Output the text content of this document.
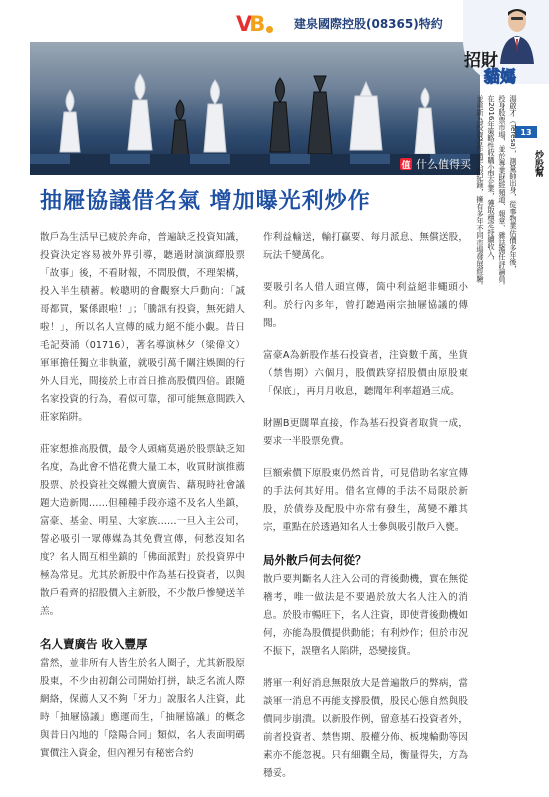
V
B 建泉國際控股(08365)特約
值 什么值得买
抽屜協議借名氣 增加曝光利炒作

散戶為生活早已疲於奔命，普遍缺乏投資知識，投資決定容易被外界引導，聽過財演演繹股票「故事」後，不看財報，不問股價，不理架構，投入半生積蓄。較聰明的會觀察大戶動向：「誠哥都買，緊係跟啦！」；「騰訊有投資，無死錯人啦！」，所以名人宣傳的威力絕不能小覷。昔日毛記葵涌（01716），著名導演林夕（梁偉文）軍軍擔任獨立非執董，就吸引萬千關注娛圈的行外人目光，間接於上市首日推高股價四倍。跟隨名家投資的行為，看似可靠，卻可能無意間跌入莊家陷阱。

莊家想推高股價，最令人頭痛莫過於股票缺乏知名度，為此會不惜花費大量工本，收買財演推薦股票、於投資社交媒體大賣廣告、藉現時社會議題大造新聞……但種種手段亦遠不及名人坐鎮，富豪、基金、明星、大家族……一旦入主公司，誓必吸引一眾傳媒為其免費宣傳，何愁沒知名度？名人間互相坐鎮的「佛面派對」於投資界中極為常見。尤其於新股中作為基石投資者，以與散戶看齊的招股價入主新股，不少散戶慘變送羊羔。

名人賣廣告 收入豐厚

當然，並非所有人皆生於名人圈子，尤其新股原股東，不少由初創公司開始打拼，缺乏名流人際網絡，保薦人又不夠「牙力」說服名人注資，此時「抽屜協議」應運而生，「抽屜協議」的概念與昔日內地的「陰陽合同」類似，名人表面明碼實價注入資金，但內裡另有秘密合約

作利益輸送，輸打贏要、每月派息、無償送股，玩法千變萬化。

要吸引名人借人頭宣傳，箇中利益絕非蠅頭小利。於行內多年，曾打聽過兩宗抽屜協議的傳聞。

富豪A為新股作基石投資者，注資數千萬，坐貨（禁售期）六個月，股價跌穿招股價由原股東「保底」，再月月收息，聽聞年利率超過三成。

財團B更闊單直接，作為基石投資者取貨一成，要求一半股票免費。

巨額索價下原股東仍然首肯，可見借助名家宣傳的手法何其好用。借名宣傳的手法不局限於新股，於債券及配股中亦常有發生，萬變不離其宗，重點在於透過知名人士參與吸引散戶入甕。

局外散戶何去何從？

散戶要判斷名人注入公司的背後動機，實在無從稽考，唯一做法是不要過於放大名人注入的消息。於股市暢旺下，名人注資，即使背後動機如何，亦能為股價提供動能；有利炒作；但於市況不振下，誤墮名人陷阱，恐變接貨。

將軍一利好消息無限放大是普遍散戶的弊病，當談軍一消息不再能支撐股價，股民心態自然與股價同步崩潰。以新股作例，留意基石投資者外，前者投資者、禁售期、股權分佈、板塊輪動等因素亦不能忽視。只有細觀全局，衡量得失，方為穩妥。

招財
貓媽
13
炒股幫
湯啟才（Teresa），測量師出身，從事物業估價多年後，
投身股票市場，並於專業財經頻道、報章、雜誌擔任評論員。
在2016年策略性收購小型企業，獲取穩定持續收入，
並重新為投資者作通天眼紀錄，擁有多年不同市場發展經驗。
